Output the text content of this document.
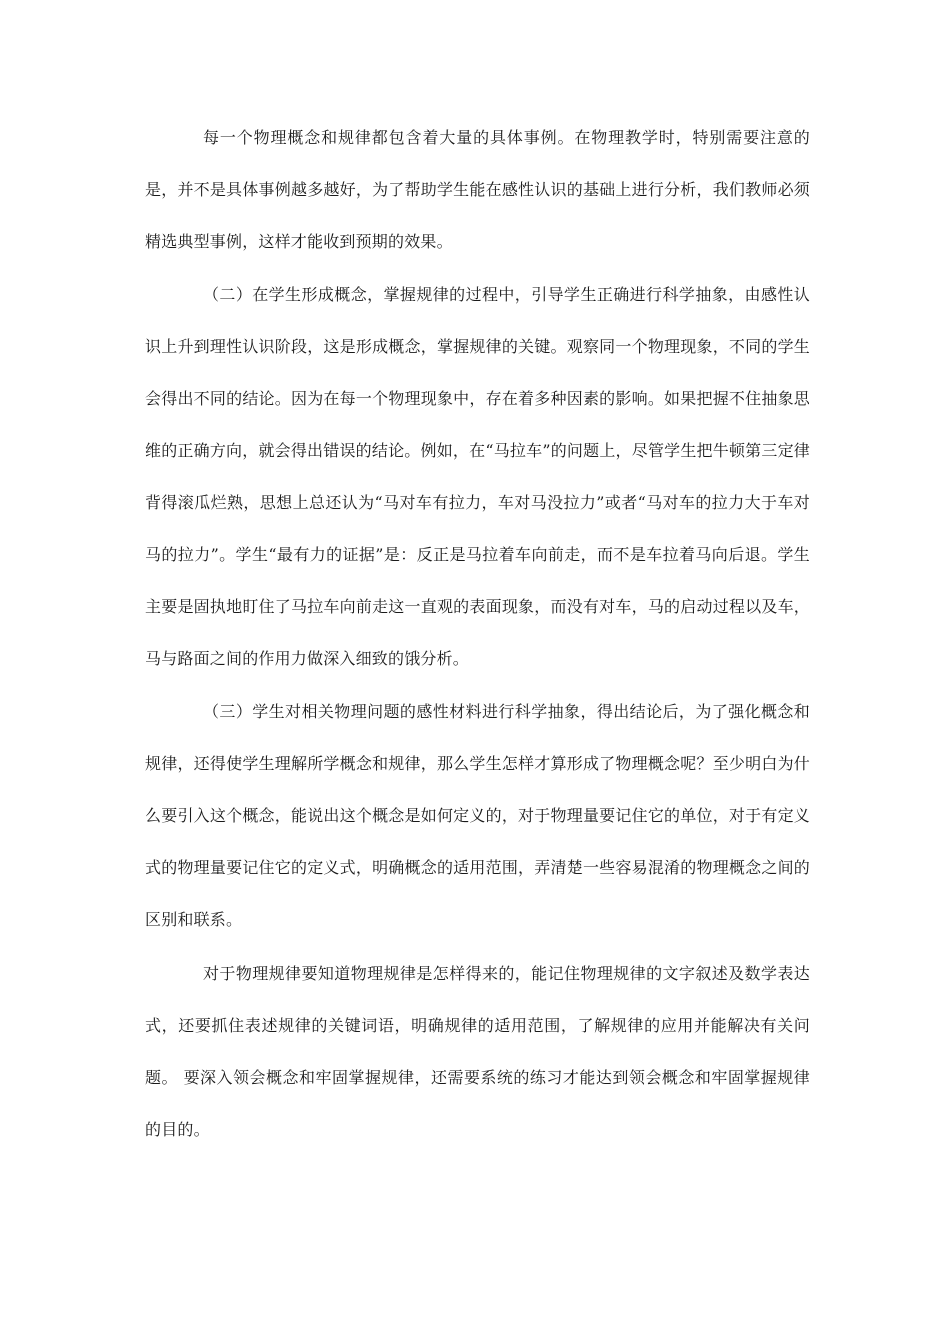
每一个物理概念和规律都包含着大量的具体事例。在物理教学时，特别需要注意的是，并不是具体事例越多越好，为了帮助学生能在感性认识的基础上进行分析，我们教师必须精选典型事例，这样才能收到预期的效果。

（二）在学生形成概念，掌握规律的过程中，引导学生正确进行科学抽象，由感性认识上升到理性认识阶段，这是形成概念，掌握规律的关键。观察同一个物理现象，不同的学生会得出不同的结论。因为在每一个物理现象中，存在着多种因素的影响。如果把握不住抽象思维的正确方向，就会得出错误的结论。例如，在“马拉车”的问题上，尽管学生把牛顿第三定律背得滚瓜烂熟，思想上总还认为“马对车有拉力，车对马没拉力”或者“马对车的拉力大于车对马的拉力”。学生“最有力的证据”是：反正是马拉着车向前走，而不是车拉着马向后退。学生主要是固执地盯住了马拉车向前走这一直观的表面现象，而没有对车，马的启动过程以及车，马与路面之间的作用力做深入细致的饿分析。

（三）学生对相关物理问题的感性材料进行科学抽象，得出结论后，为了强化概念和规律，还得使学生理解所学概念和规律，那么学生怎样才算形成了物理概念呢？至少明白为什么要引入这个概念，能说出这个概念是如何定义的，对于物理量要记住它的单位，对于有定义式的物理量要记住它的定义式，明确概念的适用范围，弄清楚一些容易混淆的物理概念之间的区别和联系。

对于物理规律要知道物理规律是怎样得来的，能记住物理规律的文字叙述及数学表达式，还要抓住表述规律的关键词语，明确规律的适用范围，了解规律的应用并能解决有关问题。 要深入领会概念和牢固掌握规律，还需要系统的练习才能达到领会概念和牢固掌握规律的目的。
